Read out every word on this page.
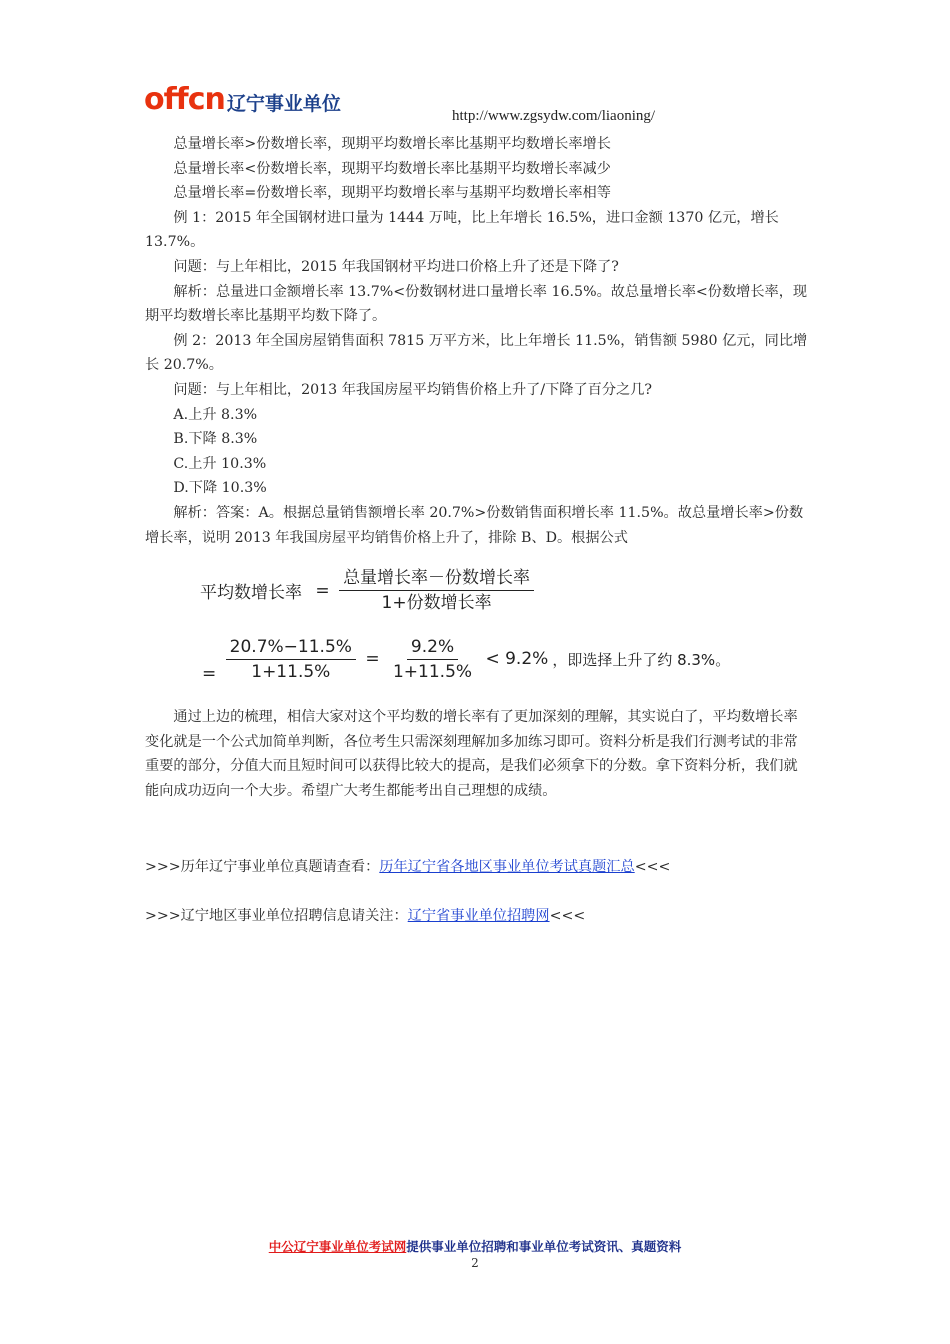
offcn 辽宁事业单位
http://www.zgsydw.com/liaoning/

总量增长率>份数增长率，现期平均数增长率比基期平均数增长率增长

总量增长率<份数增长率，现期平均数增长率比基期平均数增长率减少

总量增长率=份数增长率，现期平均数增长率与基期平均数增长率相等

例 1：2015 年全国钢材进口量为 1444 万吨，比上年增长 16.5%，进口金额 1370 亿元，增长 13.7%。

问题：与上年相比，2015 年我国钢材平均进口价格上升了还是下降了?

解析：总量进口金额增长率 13.7%<份数钢材进口量增长率 16.5%。故总量增长率<份数增长率，现期平均数增长率比基期平均数下降了。

例 2：2013 年全国房屋销售面积 7815 万平方米，比上年增长 11.5%，销售额 5980 亿元，同比增长 20.7%。

问题：与上年相比，2013 年我国房屋平均销售价格上升了/下降了百分之几?

A.上升 8.3%

B.下降 8.3%

C.上升 10.3%

D.下降 10.3%

解析：答案：A。根据总量销售额增长率 20.7%>份数销售面积增长率 11.5%。故总量增长率>份数增长率，说明 2013 年我国房屋平均销售价格上升了，排除 B、D。根据公式

平均数增长率 = $\frac{\text{总量增长率－份数增长率}}{\text{1+份数增长率}}$
= $\frac{20.7\%-11.5\%}{1+11.5\%} = \frac{9.2\%}{1+11.5\%} < 9.2\%$ ，即选择上升了约 8.3%。

通过上边的梳理，相信大家对这个平均数的增长率有了更加深刻的理解，其实说白了，平均数增长率变化就是一个公式加简单判断，各位考生只需深刻理解加多加练习即可。资料分析是我们行测考试的非常重要的部分，分值大而且短时间可以获得比较大的提高，是我们必须拿下的分数。拿下资料分析，我们就能向成功迈向一个大步。希望广大考生都能考出自己理想的成绩。

>>>历年辽宁事业单位真题请查看：历年辽宁省各地区事业单位考试真题汇总<<<
>>>辽宁地区事业单位招聘信息请关注：辽宁省事业单位招聘网<<<
中公辽宁事业单位考试网提供事业单位招聘和事业单位考试资讯、真题资料
2
